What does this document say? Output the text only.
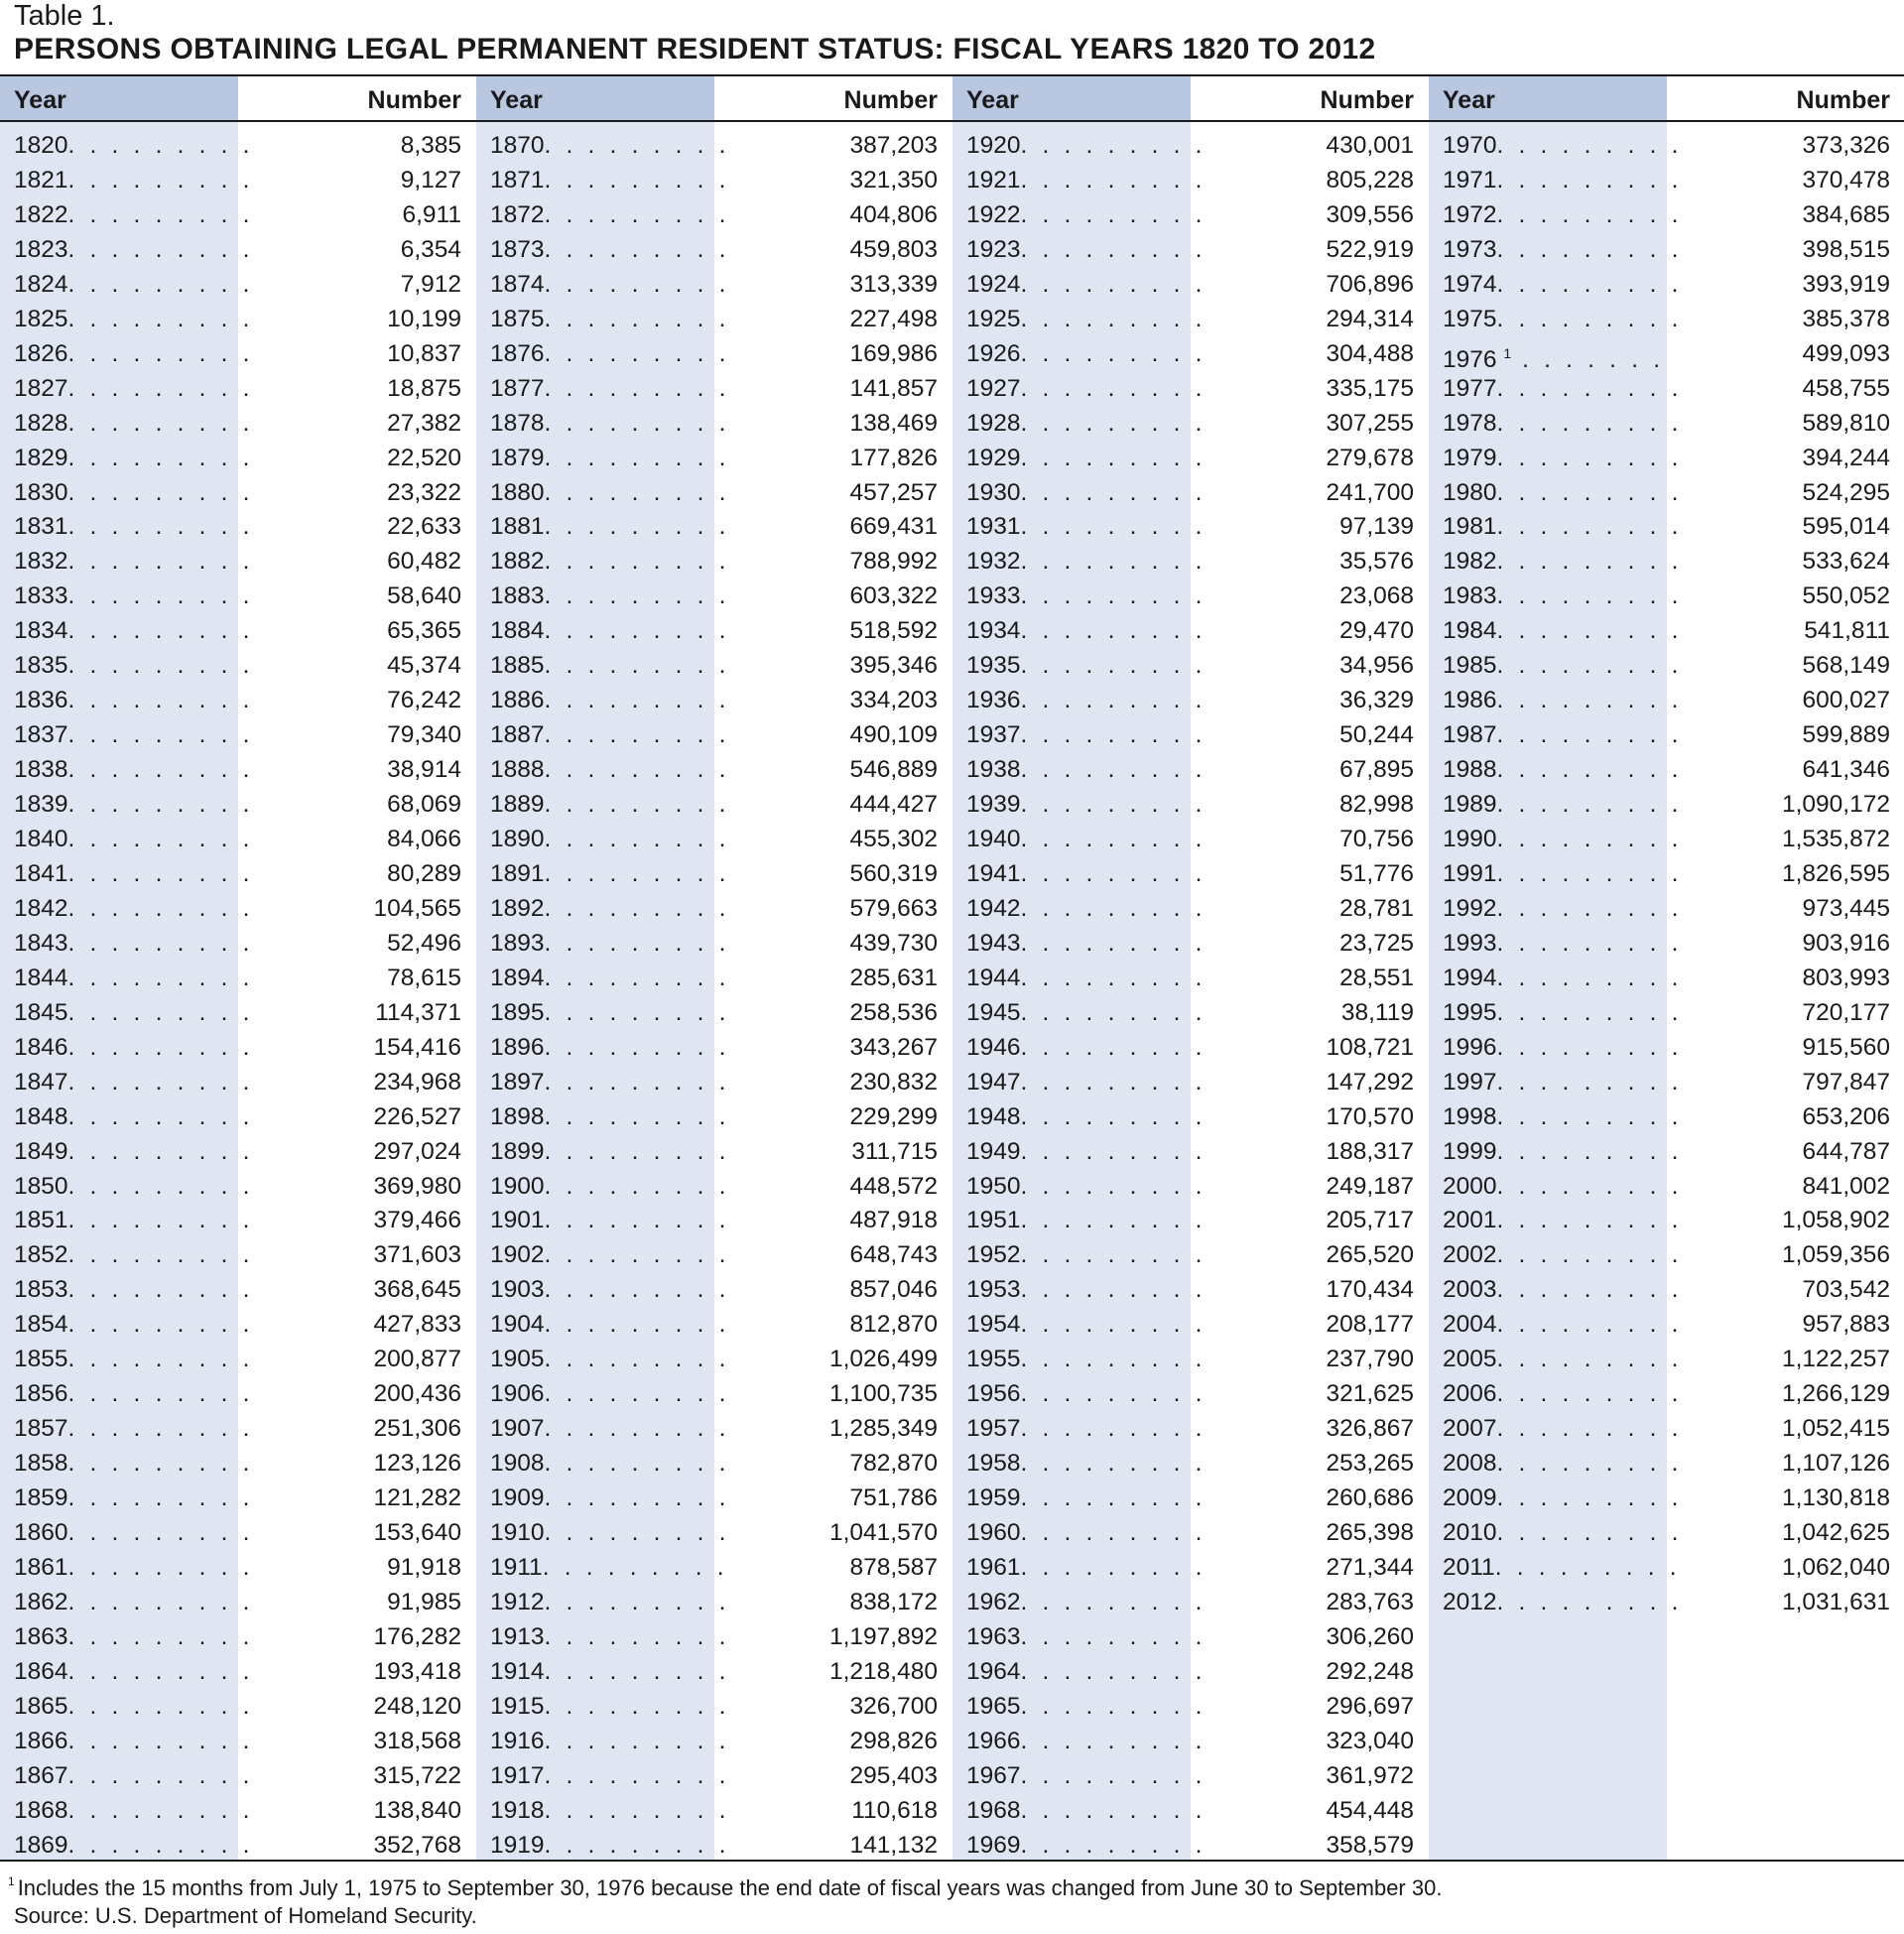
Table 1.
PERSONS OBTAINING LEGAL PERMANENT RESIDENT STATUS: FISCAL YEARS 1820 TO 2012
Year	Number
1820. . . . . . . . .	8,385
1821. . . . . . . . .	9,127
1822. . . . . . . . .	6,911
1823. . . . . . . . .	6,354
1824. . . . . . . . .	7,912
1825. . . . . . . . .	10,199
1826. . . . . . . . .	10,837
1827. . . . . . . . .	18,875
1828. . . . . . . . .	27,382
1829. . . . . . . . .	22,520
1830. . . . . . . . .	23,322
1831. . . . . . . . .	22,633
1832. . . . . . . . .	60,482
1833. . . . . . . . .	58,640
1834. . . . . . . . .	65,365
1835. . . . . . . . .	45,374
1836. . . . . . . . .	76,242
1837. . . . . . . . .	79,340
1838. . . . . . . . .	38,914
1839. . . . . . . . .	68,069
1840. . . . . . . . .	84,066
1841. . . . . . . . .	80,289
1842. . . . . . . . .	104,565
1843. . . . . . . . .	52,496
1844. . . . . . . . .	78,615
1845. . . . . . . . .	114,371
1846. . . . . . . . .	154,416
1847. . . . . . . . .	234,968
1848. . . . . . . . .	226,527
1849. . . . . . . . .	297,024
1850. . . . . . . . .	369,980
1851. . . . . . . . .	379,466
1852. . . . . . . . .	371,603
1853. . . . . . . . .	368,645
1854. . . . . . . . .	427,833
1855. . . . . . . . .	200,877
1856. . . . . . . . .	200,436
1857. . . . . . . . .	251,306
1858. . . . . . . . .	123,126
1859. . . . . . . . .	121,282
1860. . . . . . . . .	153,640
1861. . . . . . . . .	91,918
1862. . . . . . . . .	91,985
1863. . . . . . . . .	176,282
1864. . . . . . . . .	193,418
1865. . . . . . . . .	248,120
1866. . . . . . . . .	318,568
1867. . . . . . . . .	315,722
1868. . . . . . . . .	138,840
1869. . . . . . . . .	352,768
Year	Number
1870. . . . . . . . .	387,203
1871. . . . . . . . .	321,350
1872. . . . . . . . .	404,806
1873. . . . . . . . .	459,803
1874. . . . . . . . .	313,339
1875. . . . . . . . .	227,498
1876. . . . . . . . .	169,986
1877. . . . . . . . .	141,857
1878. . . . . . . . .	138,469
1879. . . . . . . . .	177,826
1880. . . . . . . . .	457,257
1881. . . . . . . . .	669,431
1882. . . . . . . . .	788,992
1883. . . . . . . . .	603,322
1884. . . . . . . . .	518,592
1885. . . . . . . . .	395,346
1886. . . . . . . . .	334,203
1887. . . . . . . . .	490,109
1888. . . . . . . . .	546,889
1889. . . . . . . . .	444,427
1890. . . . . . . . .	455,302
1891. . . . . . . . .	560,319
1892. . . . . . . . .	579,663
1893. . . . . . . . .	439,730
1894. . . . . . . . .	285,631
1895. . . . . . . . .	258,536
1896. . . . . . . . .	343,267
1897. . . . . . . . .	230,832
1898. . . . . . . . .	229,299
1899. . . . . . . . .	311,715
1900. . . . . . . . .	448,572
1901. . . . . . . . .	487,918
1902. . . . . . . . .	648,743
1903. . . . . . . . .	857,046
1904. . . . . . . . .	812,870
1905. . . . . . . . .	1,026,499
1906. . . . . . . . .	1,100,735
1907. . . . . . . . .	1,285,349
1908. . . . . . . . .	782,870
1909. . . . . . . . .	751,786
1910. . . . . . . . .	1,041,570
1911. . . . . . . . .	878,587
1912. . . . . . . . .	838,172
1913. . . . . . . . .	1,197,892
1914. . . . . . . . .	1,218,480
1915. . . . . . . . .	326,700
1916. . . . . . . . .	298,826
1917. . . . . . . . .	295,403
1918. . . . . . . . .	110,618
1919. . . . . . . . .	141,132
Year	Number
1920. . . . . . . . .	430,001
1921. . . . . . . . .	805,228
1922. . . . . . . . .	309,556
1923. . . . . . . . .	522,919
1924. . . . . . . . .	706,896
1925. . . . . . . . .	294,314
1926. . . . . . . . .	304,488
1927. . . . . . . . .	335,175
1928. . . . . . . . .	307,255
1929. . . . . . . . .	279,678
1930. . . . . . . . .	241,700
1931. . . . . . . . .	97,139
1932. . . . . . . . .	35,576
1933. . . . . . . . .	23,068
1934. . . . . . . . .	29,470
1935. . . . . . . . .	34,956
1936. . . . . . . . .	36,329
1937. . . . . . . . .	50,244
1938. . . . . . . . .	67,895
1939. . . . . . . . .	82,998
1940. . . . . . . . .	70,756
1941. . . . . . . . .	51,776
1942. . . . . . . . .	28,781
1943. . . . . . . . .	23,725
1944. . . . . . . . .	28,551
1945. . . . . . . . .	38,119
1946. . . . . . . . .	108,721
1947. . . . . . . . .	147,292
1948. . . . . . . . .	170,570
1949. . . . . . . . .	188,317
1950. . . . . . . . .	249,187
1951. . . . . . . . .	205,717
1952. . . . . . . . .	265,520
1953. . . . . . . . .	170,434
1954. . . . . . . . .	208,177
1955. . . . . . . . .	237,790
1956. . . . . . . . .	321,625
1957. . . . . . . . .	326,867
1958. . . . . . . . .	253,265
1959. . . . . . . . .	260,686
1960. . . . . . . . .	265,398
1961. . . . . . . . .	271,344
1962. . . . . . . . .	283,763
1963. . . . . . . . .	306,260
1964. . . . . . . . .	292,248
1965. . . . . . . . .	296,697
1966. . . . . . . . .	323,040
1967. . . . . . . . .	361,972
1968. . . . . . . . .	454,448
1969. . . . . . . . .	358,579
Year	Number
1970. . . . . . . . .	373,326
1971. . . . . . . . .	370,478
1972. . . . . . . . .	384,685
1973. . . . . . . . .	398,515
1974. . . . . . . . .	393,919
1975. . . . . . . . .	385,378
1976 $^1$ . . . . . . .	499,093
1977. . . . . . . . .	458,755
1978. . . . . . . . .	589,810
1979. . . . . . . . .	394,244
1980. . . . . . . . .	524,295
1981. . . . . . . . .	595,014
1982. . . . . . . . .	533,624
1983. . . . . . . . .	550,052
1984. . . . . . . . .	541,811
1985. . . . . . . . .	568,149
1986. . . . . . . . .	600,027
1987. . . . . . . . .	599,889
1988. . . . . . . . .	641,346
1989. . . . . . . . .	1,090,172
1990. . . . . . . . .	1,535,872
1991. . . . . . . . .	1,826,595
1992. . . . . . . . .	973,445
1993. . . . . . . . .	903,916
1994. . . . . . . . .	803,993
1995. . . . . . . . .	720,177
1996. . . . . . . . .	915,560
1997. . . . . . . . .	797,847
1998. . . . . . . . .	653,206
1999. . . . . . . . .	644,787
2000. . . . . . . . .	841,002
2001. . . . . . . . .	1,058,902
2002. . . . . . . . .	1,059,356
2003. . . . . . . . .	703,542
2004. . . . . . . . .	957,883
2005. . . . . . . . .	1,122,257
2006. . . . . . . . .	1,266,129
2007. . . . . . . . .	1,052,415
2008. . . . . . . . .	1,107,126
2009. . . . . . . . .	1,130,818
2010. . . . . . . . .	1,042,625
2011. . . . . . . . .	1,062,040
2012. . . . . . . . .	1,031,631
$^1$ Includes the 15 months from July 1, 1975 to September 30, 1976 because the end date of fiscal years was changed from June 30 to September 30.
Source: U.S. Department of Homeland Security.
